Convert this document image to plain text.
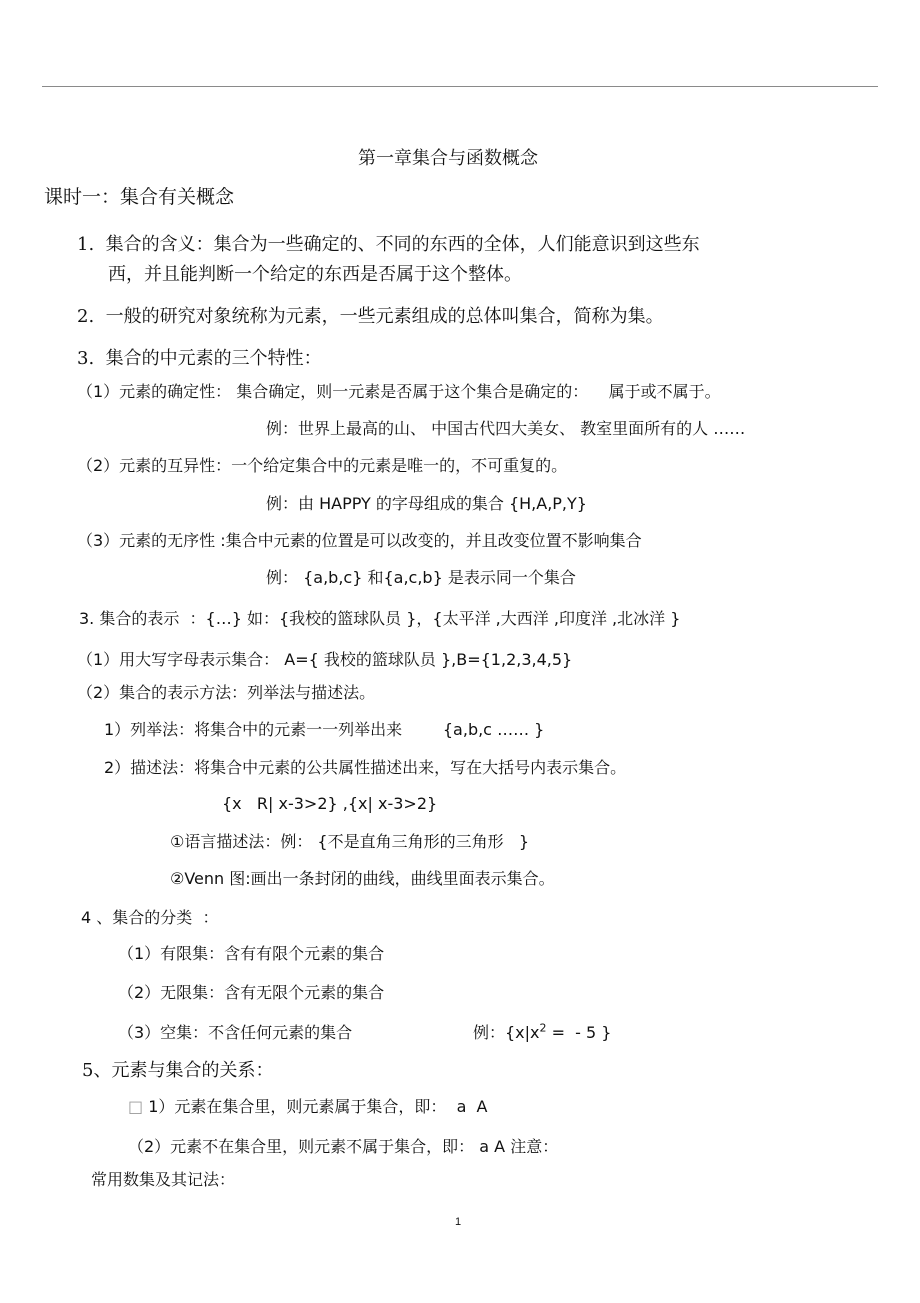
第一章集合与函数概念
课时一：集合有关概念
1.  集合的含义：集合为一些确定的、不同的东西的全体，人们能意识到这些东
西，并且能判断一个给定的东西是否属于这个整体。
2.  一般的研究对象统称为元素，一些元素组成的总体叫集合，简称为集。
3.  集合的中元素的三个特性：
（1）元素的确定性： 集合确定，则一元素是否属于这个集合是确定的：    属于或不属于。
例：世界上最高的山、 中国古代四大美女、 教室里面所有的人 ……
（2）元素的互异性：一个给定集合中的元素是唯一的，不可重复的。
例：由 HAPPY 的字母组成的集合 {H,A,P,Y}
（3）元素的无序性 :集合中元素的位置是可以改变的，并且改变位置不影响集合
例： {a,b,c} 和{a,c,b} 是表示同一个集合
3. 集合的表示  ：{…} 如：{我校的篮球队员 }，{太平洋 ,大西洋 ,印度洋 ,北冰洋 }
（1）用大写字母表示集合： A={ 我校的篮球队员 },B={1,2,3,4,5}
（2）集合的表示方法：列举法与描述法。
1）列举法：将集合中的元素一一列举出来        {a,b,c …… }
2）描述法：将集合中元素的公共属性描述出来，写在大括号内表示集合。
{x   R| x-3>2} ,{x| x-3>2}
①语言描述法：例： {不是直角三角形的三角形   }
②Venn 图:画出一条封闭的曲线，曲线里面表示集合。
4 、集合的分类  ：
（1）有限集：含有有限个元素的集合
（2）无限集：含有无限个元素的集合
（3）空集：不含任何元素的集合	例：{$x|x^2$ =  - 5 }
5、元素与集合的关系：
□ 1）元素在集合里，则元素属于集合，即：  a  A
（2）元素不在集合里，则元素不属于集合，即： a A 注意：
常用数集及其记法：
1
